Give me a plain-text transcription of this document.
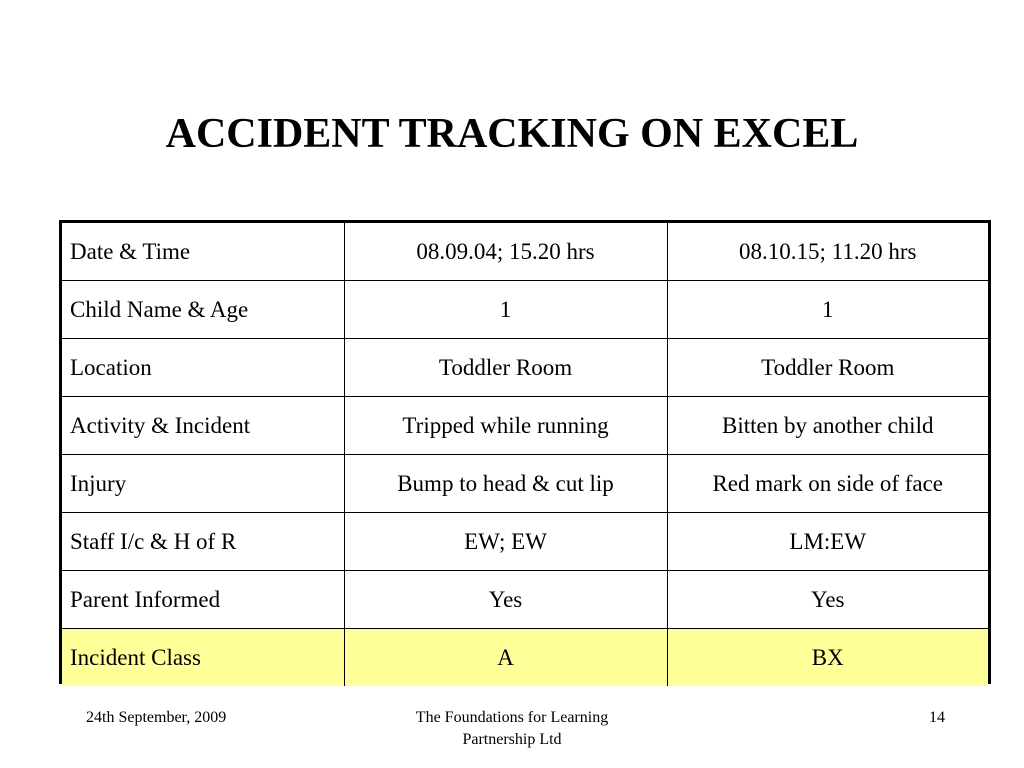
ACCIDENT TRACKING ON EXCEL
Date & Time	08.09.04; 15.20 hrs	08.10.15; 11.20 hrs
Child Name & Age	1	1
Location	Toddler Room	Toddler Room
Activity & Incident	Tripped while running	Bitten by another child
Injury	Bump to head & cut lip	Red mark on side of face
Staff I/c & H of R	EW; EW	LM:EW
Parent Informed	Yes	Yes
Incident Class	A	BX
24th September, 2009	The Foundations for Learning
Partnership Ltd
14
